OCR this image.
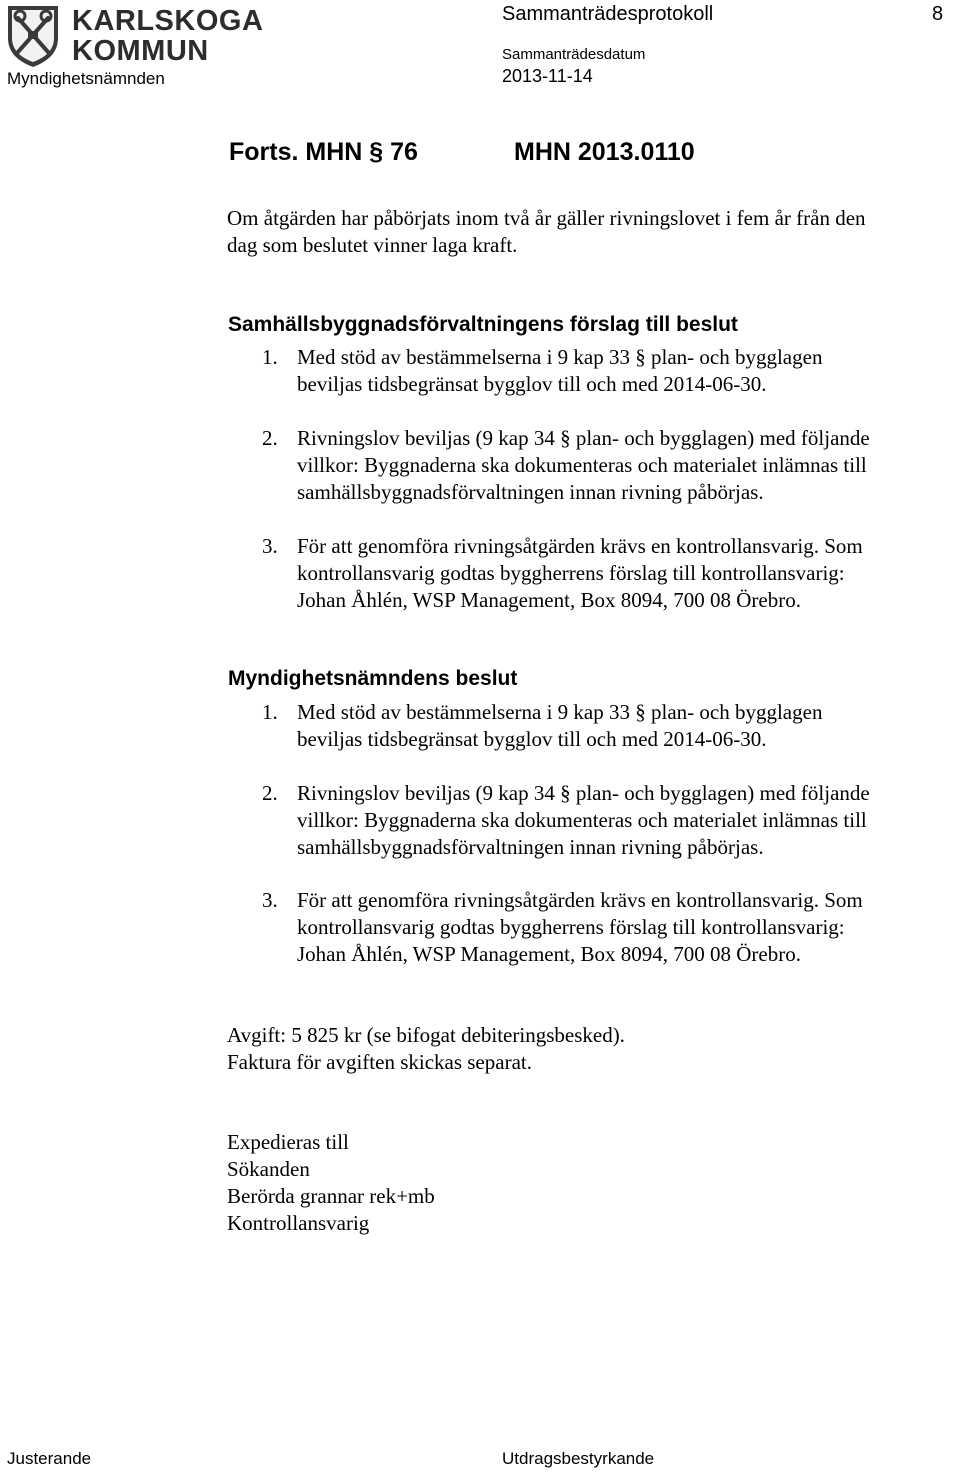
KARLSKOGA
KOMMUN
Myndighetsnämnden
Sammanträdesprotokoll	8
Sammanträdesdatum
2013-11-14
Forts. MHN § 76	MHN 2013.0110
Om åtgärden har påbörjats inom två år gäller rivningslovet i fem år från den
dag som beslutet vinner laga kraft.
Samhällsbyggnadsförvaltningens förslag till beslut
1. Med stöd av bestämmelserna i 9 kap 33 § plan- och bygglagen
beviljas tidsbegränsat bygglov till och med 2014-06-30.
2. Rivningslov beviljas (9 kap 34 § plan- och bygglagen) med följande
villkor: Byggnaderna ska dokumenteras och materialet inlämnas till
samhällsbyggnadsförvaltningen innan rivning påbörjas.
3. För att genomföra rivningsåtgärden krävs en kontrollansvarig. Som
kontrollansvarig godtas byggherrens förslag till kontrollansvarig:
Johan Åhlén, WSP Management, Box 8094, 700 08 Örebro.
Myndighetsnämndens beslut
1. Med stöd av bestämmelserna i 9 kap 33 § plan- och bygglagen
beviljas tidsbegränsat bygglov till och med 2014-06-30.
2. Rivningslov beviljas (9 kap 34 § plan- och bygglagen) med följande
villkor: Byggnaderna ska dokumenteras och materialet inlämnas till
samhällsbyggnadsförvaltningen innan rivning påbörjas.
3. För att genomföra rivningsåtgärden krävs en kontrollansvarig. Som
kontrollansvarig godtas byggherrens förslag till kontrollansvarig:
Johan Åhlén, WSP Management, Box 8094, 700 08 Örebro.
Avgift: 5 825 kr (se bifogat debiteringsbesked).
Faktura för avgiften skickas separat.
Expedieras till
Sökanden
Berörda grannar rek+mb
Kontrollansvarig
Justerande	Utdragsbestyrkande
